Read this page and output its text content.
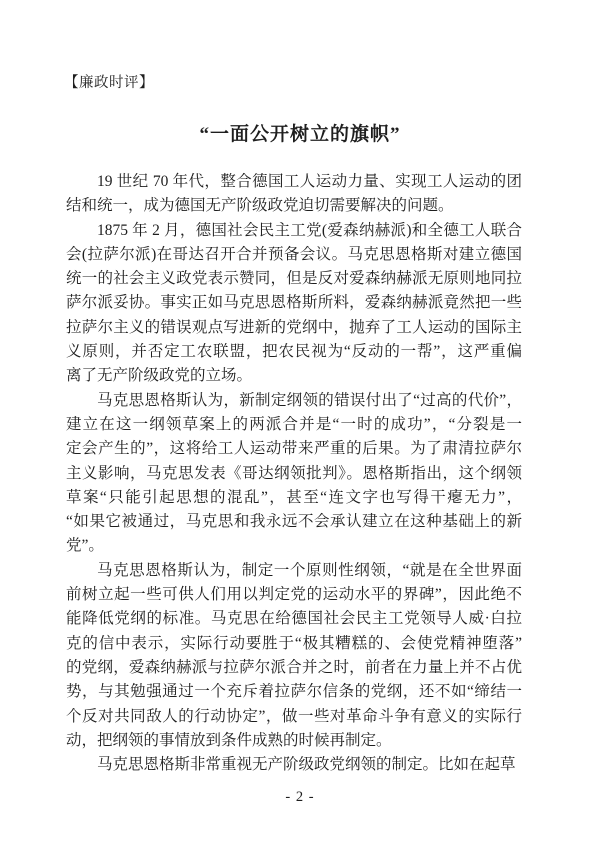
【廉政时评】
“一面公开树立的旗帜”
19 世纪 70 年代，整合德国工人运动力量、实现工人运动的团
结和统一，成为德国无产阶级政党迫切需要解决的问题。
1875 年 2 月，德国社会民主工党(爱森纳赫派)和全德工人联合
会(拉萨尔派)在哥达召开合并预备会议。马克思恩格斯对建立德国
统一的社会主义政党表示赞同，但是反对爱森纳赫派无原则地同拉
萨尔派妥协。事实正如马克思恩格斯所料，爱森纳赫派竟然把一些
拉萨尔主义的错误观点写进新的党纲中，抛弃了工人运动的国际主
义原则，并否定工农联盟，把农民视为“反动的一帮”，这严重偏
离了无产阶级政党的立场。
马克思恩格斯认为，新制定纲领的错误付出了“过高的代价”，
建立在这一纲领草案上的两派合并是“一时的成功”，“分裂是一
定会产生的”，这将给工人运动带来严重的后果。为了肃清拉萨尔
主义影响，马克思发表《哥达纲领批判》。恩格斯指出，这个纲领
草案“只能引起思想的混乱”，甚至“连文字也写得干瘪无力”，
“如果它被通过，马克思和我永远不会承认建立在这种基础上的新
党”。
马克思恩格斯认为，制定一个原则性纲领，“就是在全世界面
前树立起一些可供人们用以判定党的运动水平的界碑”，因此绝不
能降低党纲的标准。马克思在给德国社会民主工党领导人威·白拉
克的信中表示，实际行动要胜于“极其糟糕的、会使党精神堕落”
的党纲，爱森纳赫派与拉萨尔派合并之时，前者在力量上并不占优
势，与其勉强通过一个充斥着拉萨尔信条的党纲，还不如“缔结一
个反对共同敌人的行动协定”，做一些对革命斗争有意义的实际行
动，把纲领的事情放到条件成熟的时候再制定。
马克思恩格斯非常重视无产阶级政党纲领的制定。比如在起草
- 2 -
